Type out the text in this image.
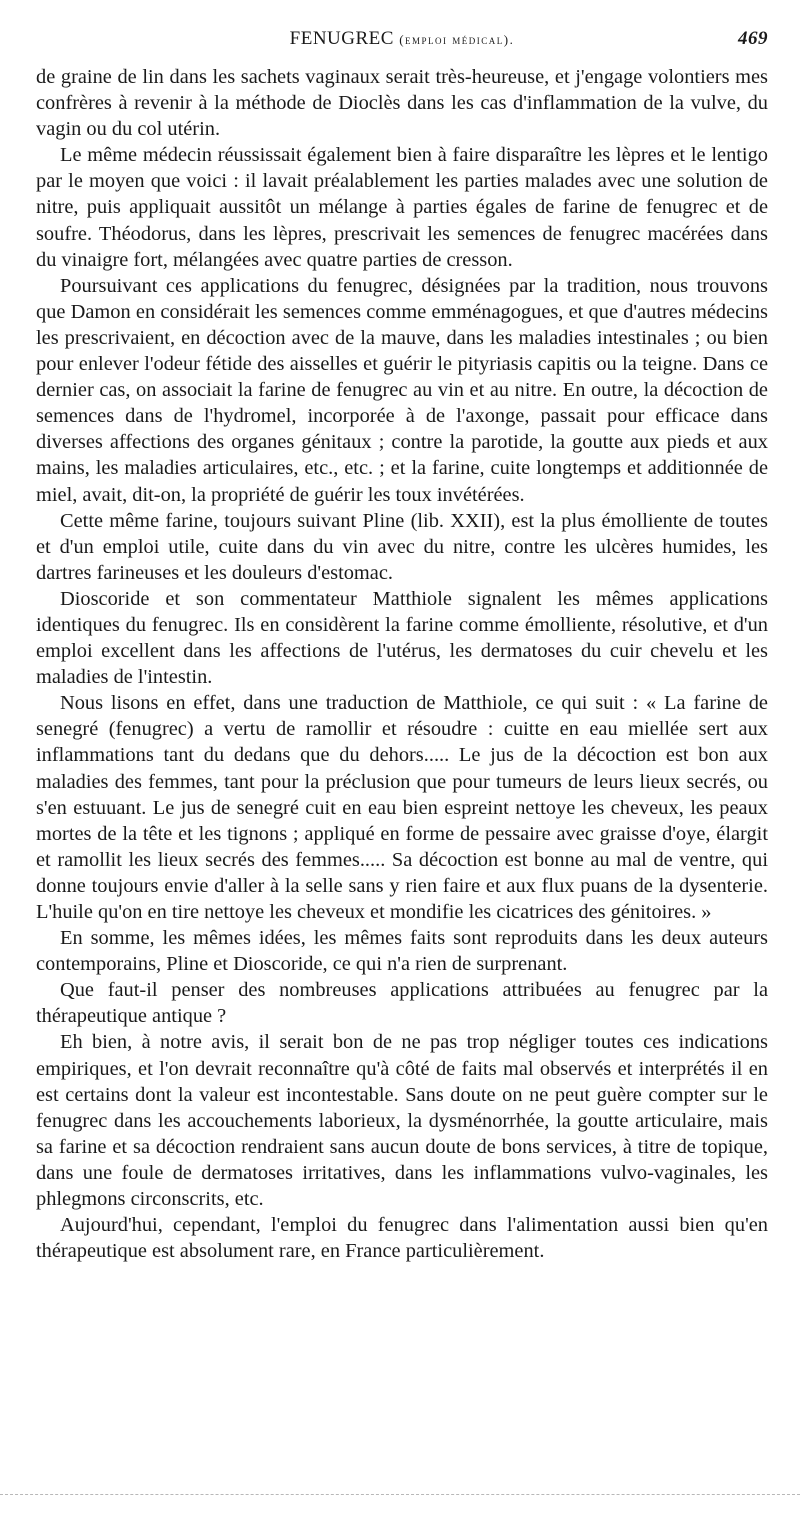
FENUGREC (emploi médical).	469

de graine de lin dans les sachets vaginaux serait très-heureuse, et j'engage volontiers mes confrères à revenir à la méthode de Dioclès dans les cas d'inflammation de la vulve, du vagin ou du col utérin.

Le même médecin réussissait également bien à faire disparaître les lèpres et le lentigo par le moyen que voici : il lavait préalablement les parties malades avec une solution de nitre, puis appliquait aussitôt un mélange à parties égales de farine de fenugrec et de soufre. Théodorus, dans les lèpres, prescrivait les semences de fenugrec macérées dans du vinaigre fort, mélangées avec quatre parties de cresson.

Poursuivant ces applications du fenugrec, désignées par la tradition, nous trouvons que Damon en considérait les semences comme emménagogues, et que d'autres médecins les prescrivaient, en décoction avec de la mauve, dans les maladies intestinales ; ou bien pour enlever l'odeur fétide des aisselles et guérir le pityriasis capitis ou la teigne. Dans ce dernier cas, on associait la farine de fenugrec au vin et au nitre. En outre, la décoction de semences dans de l'hydromel, incorporée à de l'axonge, passait pour efficace dans diverses affections des organes génitaux ; contre la parotide, la goutte aux pieds et aux mains, les maladies articulaires, etc., etc. ; et la farine, cuite longtemps et additionnée de miel, avait, dit-on, la propriété de guérir les toux invétérées.

Cette même farine, toujours suivant Pline (lib. XXII), est la plus émolliente de toutes et d'un emploi utile, cuite dans du vin avec du nitre, contre les ulcères humides, les dartres farineuses et les douleurs d'estomac.

Dioscoride et son commentateur Matthiole signalent les mêmes applications identiques du fenugrec. Ils en considèrent la farine comme émolliente, résolutive, et d'un emploi excellent dans les affections de l'utérus, les dermatoses du cuir chevelu et les maladies de l'intestin.

Nous lisons en effet, dans une traduction de Matthiole, ce qui suit : « La farine de senegré (fenugrec) a vertu de ramollir et résoudre : cuitte en eau miellée sert aux inflammations tant du dedans que du dehors..... Le jus de la décoction est bon aux maladies des femmes, tant pour la préclusion que pour tumeurs de leurs lieux secrés, ou s'en estuuant. Le jus de senegré cuit en eau bien espreint nettoye les cheveux, les peaux mortes de la tête et les tignons ; appliqué en forme de pessaire avec graisse d'oye, élargit et ramollit les lieux secrés des femmes..... Sa décoction est bonne au mal de ventre, qui donne toujours envie d'aller à la selle sans y rien faire et aux flux puans de la dysenterie. L'huile qu'on en tire nettoye les cheveux et mondifie les cicatrices des génitoires. »

En somme, les mêmes idées, les mêmes faits sont reproduits dans les deux auteurs contemporains, Pline et Dioscoride, ce qui n'a rien de surprenant.

Que faut-il penser des nombreuses applications attribuées au fenugrec par la thérapeutique antique ?

Eh bien, à notre avis, il serait bon de ne pas trop négliger toutes ces indications empiriques, et l'on devrait reconnaître qu'à côté de faits mal observés et interprétés il en est certains dont la valeur est incontestable. Sans doute on ne peut guère compter sur le fenugrec dans les accouchements laborieux, la dysménorrhée, la goutte articulaire, mais sa farine et sa décoction rendraient sans aucun doute de bons services, à titre de topique, dans une foule de dermatoses irritatives, dans les inflammations vulvo-vaginales, les phlegmons circonscrits, etc.

Aujourd'hui, cependant, l'emploi du fenugrec dans l'alimentation aussi bien qu'en thérapeutique est absolument rare, en France particulièrement.
